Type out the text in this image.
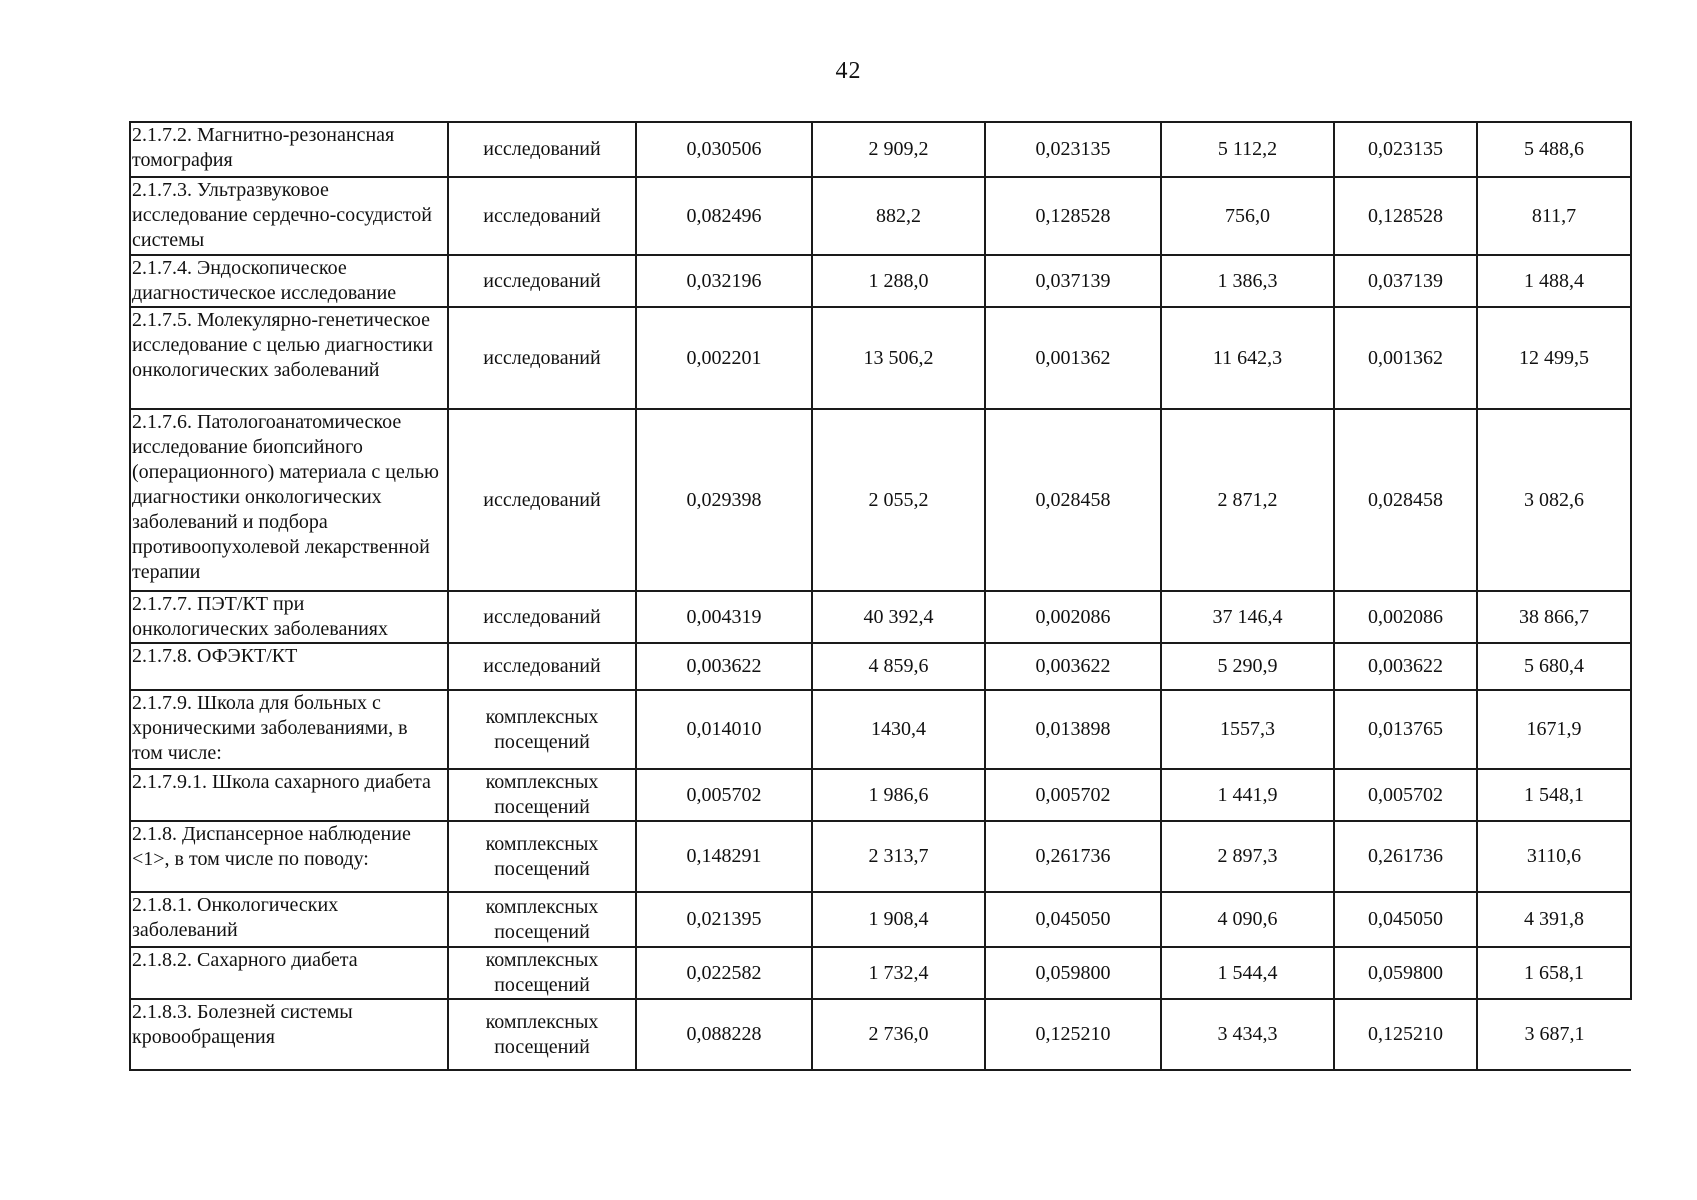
42
2.1.7.2. Магнитно-резонансная томография	исследований	0,030506	2 909,2	0,023135	5 112,2	0,023135	5 488,6
2.1.7.3. Ультразвуковое исследование сердечно-сосудистой системы	исследований	0,082496	882,2	0,128528	756,0	0,128528	811,7
2.1.7.4. Эндоскопическое диагностическое исследование	исследований	0,032196	1 288,0	0,037139	1 386,3	0,037139	1 488,4
2.1.7.5. Молекулярно-генетическое исследование с целью диагностики онкологических заболеваний	исследований	0,002201	13 506,2	0,001362	11 642,3	0,001362	12 499,5
2.1.7.6. Патологоанатомическое исследование биопсийного (операционного) материала с целью диагностики онкологических заболеваний и подбора противоопухолевой лекарственной терапии	исследований	0,029398	2 055,2	0,028458	2 871,2	0,028458	3 082,6
2.1.7.7. ПЭТ/КТ при онкологических заболеваниях	исследований	0,004319	40 392,4	0,002086	37 146,4	0,002086	38 866,7
2.1.7.8. ОФЭКТ/КТ	исследований	0,003622	4 859,6	0,003622	5 290,9	0,003622	5 680,4
2.1.7.9. Школа для больных с хроническими заболеваниями, в том числе:	комплексных посещений	0,014010	1430,4	0,013898	1557,3	0,013765	1671,9
2.1.7.9.1. Школа сахарного диабета	комплексных посещений	0,005702	1 986,6	0,005702	1 441,9	0,005702	1 548,1
2.1.8. Диспансерное наблюдение <1>, в том числе по поводу:	комплексных посещений	0,148291	2 313,7	0,261736	2 897,3	0,261736	3110,6
2.1.8.1. Онкологических заболеваний	комплексных посещений	0,021395	1 908,4	0,045050	4 090,6	0,045050	4 391,8
2.1.8.2. Сахарного диабета	комплексных посещений	0,022582	1 732,4	0,059800	1 544,4	0,059800	1 658,1
2.1.8.3. Болезней системы кровообращения	комплексных посещений	0,088228	2 736,0	0,125210	3 434,3	0,125210	3 687,1
